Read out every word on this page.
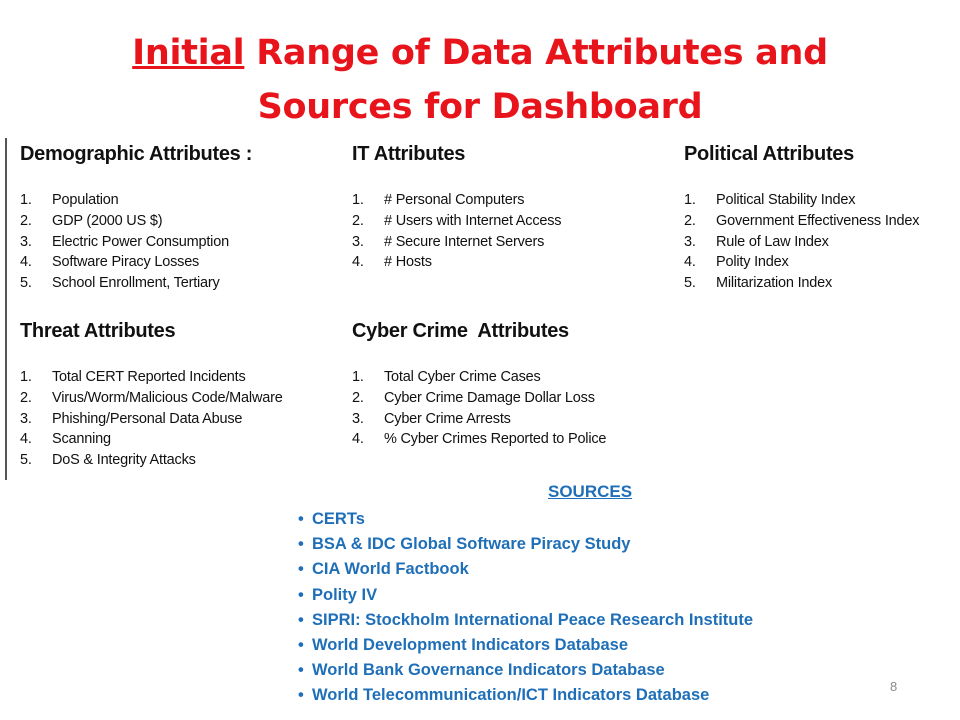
Initial Range of Data Attributes and
Sources for Dashboard
Demographic Attributes :
1. Population
2. GDP (2000 US $)
3. Electric Power Consumption
4. Software Piracy Losses
5. School Enrollment, Tertiary
IT Attributes
1. # Personal Computers
2. # Users with Internet Access
3. # Secure Internet Servers
4. # Hosts
Political Attributes
1. Political Stability Index
2. Government Effectiveness Index
3. Rule of Law Index
4. Polity Index
5. Militarization Index
Threat Attributes
1. Total CERT Reported Incidents
2. Virus/Worm/Malicious Code/Malware
3. Phishing/Personal Data Abuse
4. Scanning
5. DoS & Integrity Attacks
Cyber Crime  Attributes
1. Total Cyber Crime Cases
2. Cyber Crime Damage Dollar Loss
3. Cyber Crime Arrests
4. % Cyber Crimes Reported to Police
SOURCES
• CERTs
• BSA & IDC Global Software Piracy Study
• CIA World Factbook
• Polity IV
• SIPRI: Stockholm International Peace Research Institute
• World Development Indicators Database
• World Bank Governance Indicators Database
• World Telecommunication/ICT Indicators Database	8
